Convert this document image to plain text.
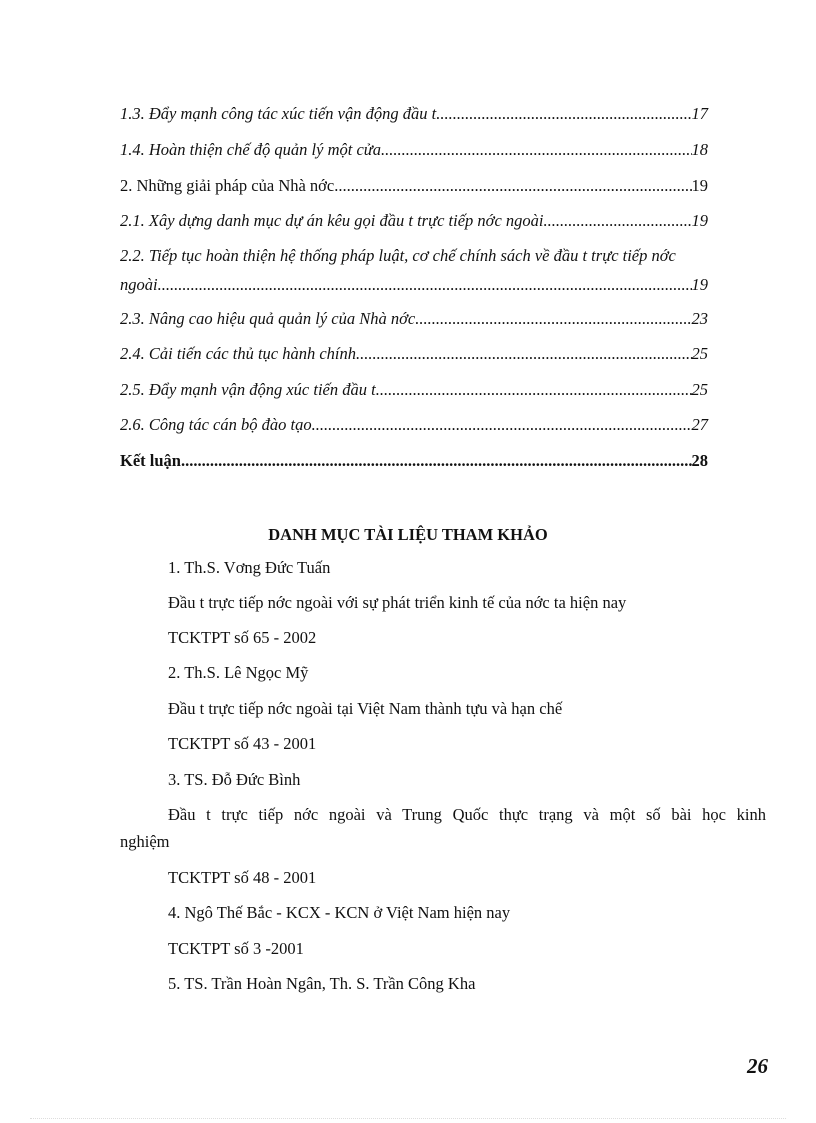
1.3. Đẩy mạnh công tác xúc tiến vận động đầu t .....	17
1.4. Hoàn thiện chế độ quản lý một cửa .....	18
2. Những giải pháp của Nhà nớc .....	19
2.1. Xây dựng danh mục dự án kêu gọi đầu t trực tiếp nớc ngoài .....	19
2.2. Tiếp tục hoàn thiện hệ thống pháp luật, cơ chế chính sách về đầu t trực tiếp nớc
ngoài .....	19
2.3. Nâng cao hiệu quả quản lý của Nhà nớc .....	23
2.4. Cải tiến các thủ tục hành chính .....	25
2.5. Đẩy mạnh vận động xúc tiến đầu t .....	25
2.6. Công tác cán bộ đào tạo .....	27
Kết luận .....	28
DANH MỤC TÀI LIỆU THAM KHẢO
1. Th.S. Vơng Đức Tuấn
Đầu t trực tiếp nớc ngoài với sự phát triển kinh tế của nớc ta hiện nay
TCKTPT số 65 - 2002
2. Th.S. Lê Ngọc Mỹ
Đầu t trực tiếp nớc ngoài tại Việt Nam thành tựu và hạn chế
TCKTPT số 43 - 2001
3. TS. Đỗ Đức Bình
Đầu t trực tiếp nớc ngoài và Trung Quốc thực trạng và một số bài học kinh
nghiệm
TCKTPT số 48 - 2001
4. Ngô Thế Bắc - KCX - KCN ở Việt Nam hiện nay
TCKTPT số 3 -2001
5. TS. Trần Hoàn Ngân, Th. S. Trần Công Kha
26
